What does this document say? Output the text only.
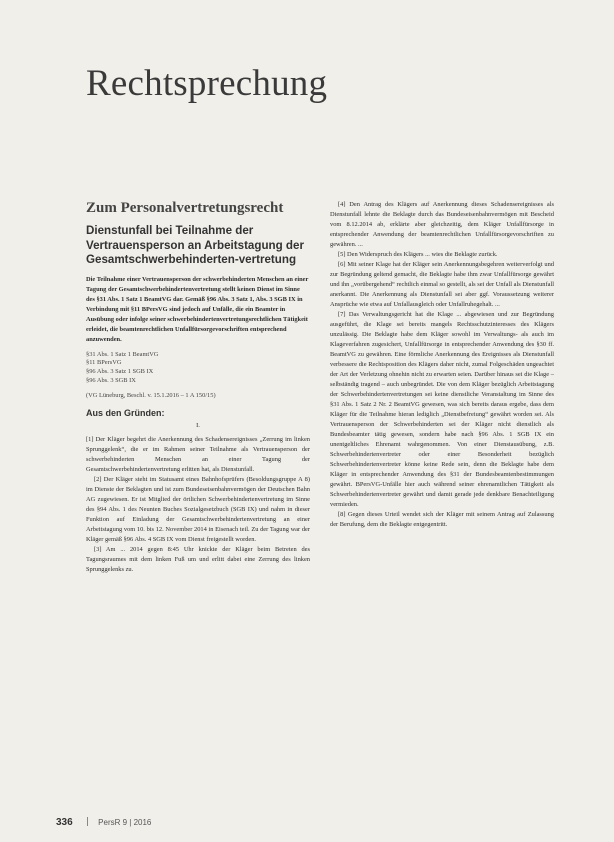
Rechtsprechung
Zum Personalvertretungsrecht
Dienstunfall bei Teilnahme der Vertrauensperson an Arbeitstagung der Gesamtschwerbehinderten-vertretung

Die Teilnahme einer Vertrauensperson der schwerbehinderten Menschen an einer Tagung der Gesamtschwerbehindertenvertretung stellt keinen Dienst im Sinne des §31 Abs. 1 Satz 1 BeamtVG dar. Gemäß §96 Abs. 3 Satz 1, Abs. 3 SGB IX in Verbindung mit §11 BPersVG sind jedoch auf Unfälle, die ein Beamter in Ausübung oder infolge seiner schwerbehindertenvertretungsrechtlichen Tätigkeit erleidet, die beamtenrechtlichen Unfallfürsorgevorschriften entsprechend anzuwenden.

§31 Abs. 1 Satz 1 BeamtVG
§11 BPersVG
§96 Abs. 3 Satz 1 SGB IX
§96 Abs. 3 SGB IX
(VG Lüneburg, Beschl. v. 15.1.2016 – 1 A 150/15)
Aus den Gründen:
I.

[1] Der Kläger begehrt die Anerkennung des Schadensereignisses „Zerrung im linken Sprunggelenk“, die er im Rahmen seiner Teilnahme als Vertrauensperson der schwerbehinderten Menschen an einer Tagung der Gesamtschwerbehindertenvertretung erlitten hat, als Dienstunfall.

[2] Der Kläger steht im Statusamt eines Bahnhofsprüfers (Besoldungsgruppe A 8) im Dienste der Beklagten und ist zum Bundeseisenbahnvermögen der Deutschen Bahn AG zugewiesen. Er ist Mitglied der örtlichen Schwerbehindertenvertretung im Sinne des §94 Abs. 1 des Neunten Buches Sozialgesetzbuch (SGB IX) und nahm in dieser Funktion auf Einladung der Gesamtschwerbehindertenvertretung an einer Arbeitstagung vom 10. bis 12. November 2014 in Eisenach teil. Zu der Tagung war der Kläger gemäß §96 Abs. 4 SGB IX vom Dienst freigestellt worden.

[3] Am ... 2014 gegen 8:45 Uhr knickte der Kläger beim Betreten des Tagungsraumes mit dem linken Fuß um und erlitt dabei eine Zerrung des linken Sprunggelenks zu.

[4] Den Antrag des Klägers auf Anerkennung dieses Schadensereignisses als Dienstunfall lehnte die Beklagte durch das Bundeseisenbahnvermögen mit Bescheid vom 8.12.2014 ab, erklärte aber gleichzeitig, dem Kläger Unfallfürsorge in entsprechender Anwendung der beamtenrechtlichen Unfallfürsorgevorschriften zu gewähren. ...

[5] Den Widerspruch des Klägers ... wies die Beklagte zurück.

[6] Mit seiner Klage hat der Kläger sein Anerkennungsbegehren weiterverfolgt und zur Begründung geltend gemacht, die Beklagte habe ihm zwar Unfallfürsorge gewährt und ihn „vorübergehend“ rechtlich einmal so gestellt, als sei der Unfall als Dienstunfall anerkannt. Die Anerkennung als Dienstunfall sei aber ggf. Voraussetzung weiterer Ansprüche wie etwa auf Unfallausgleich oder Unfallruhegehalt. ...

[7] Das Verwaltungsgericht hat die Klage ... abgewiesen und zur Begründung ausgeführt, die Klage sei bereits mangels Rechtsschutzinteresses des Klägers unzulässig. Die Beklagte habe dem Kläger sowohl im Verwaltungs- als auch im Klageverfahren zugesichert, Unfallfürsorge in entsprechender Anwendung des §30 ff. BeamtVG zu gewähren. Eine förmliche Anerkennung des Ereignisses als Dienstunfall verbessere die Rechtsposition des Klägers daher nicht, zumal Folgeschäden ungeachtet der Art der Verletzung ohnehin nicht zu erwarten seien. Darüber hinaus sei die Klage – selbständig tragend – auch unbegründet. Die von dem Kläger bezüglich Arbeitstagung der Schwerbehindertenvertretungen sei keine dienstliche Veranstaltung im Sinne des §31 Abs. 1 Satz 2 Nr. 2 BeamtVG gewesen, was sich bereits daraus ergebe, dass dem Kläger für die Teilnahme hieran lediglich „Dienstbefreiung“ gewährt worden sei. Als Vertrauensperson der Schwerbehinderten sei der Kläger nicht dienstlich als Bundesbeamter tätig gewesen, sondern habe nach §96 Abs. 1 SGB IX ein unentgeltliches Ehrenamt wahrgenommen. Von einer Dienstausübung, z.B. Schwerbehindertenvertreter oder einer Besonderheit bezüglich Schwerbehindertenvertreter könne keine Rede sein, denn die Beklagte habe dem Kläger in entsprechender Anwendung des §31 der Bundesbeamtenbestimmungen gewährt. BPersVG-Unfälle hier auch während seiner ehrenamtlichen Tätigkeit als Schwerbehindertenvertreter gewährt und damit gerade jede denkbare Benachteiligung vermieden.

[8] Gegen dieses Urteil wendet sich der Kläger mit seinem Antrag auf Zulassung der Berufung, dem die Beklagte entgegentritt.

336	PersR 9 | 2016
